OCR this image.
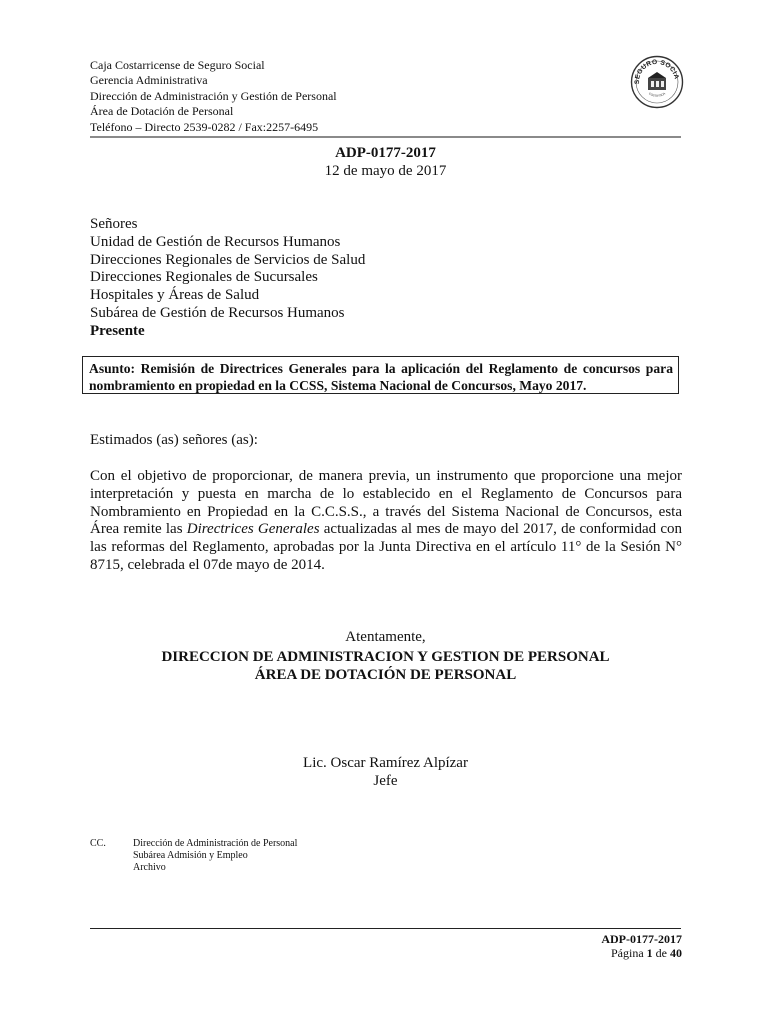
Caja Costarricense de Seguro Social
Gerencia Administrativa
Dirección de Administración y Gestión de Personal
Área de Dotación de Personal
Teléfono – Directo 2539-0282 / Fax:2257-6495
SEGURO SOCIA
COSTA RICA
ADP-0177-2017
12 de mayo de 2017
Señores
Unidad de Gestión de Recursos Humanos
Direcciones Regionales de Servicios de Salud
Direcciones Regionales de Sucursales
Hospitales y Áreas de Salud
Subárea de Gestión de Recursos Humanos
Presente
Asunto: Remisión de Directrices Generales para la aplicación del Reglamento de concursos para nombramiento en propiedad en la CCSS, Sistema Nacional de Concursos, Mayo 2017.
Estimados (as) señores (as):
Con el objetivo de proporcionar, de manera previa, un instrumento que proporcione una mejor interpretación y puesta en marcha de lo establecido en el Reglamento de Concursos para Nombramiento en Propiedad en la C.C.S.S., a través del Sistema Nacional de Concursos, esta Área remite las Directrices Generales actualizadas al mes de mayo del 2017, de conformidad con las reformas del Reglamento, aprobadas por la Junta Directiva en el artículo 11° de la Sesión N° 8715, celebrada el 07de mayo de 2014.
Atentamente,
DIRECCION DE ADMINISTRACION Y GESTION DE PERSONAL
ÁREA DE DOTACIÓN DE PERSONAL
Lic. Oscar Ramírez Alpízar
Jefe
CC.	Dirección de Administración de Personal
Subárea Admisión y Empleo
Archivo
ADP-0177-2017
Página 1 de 40
